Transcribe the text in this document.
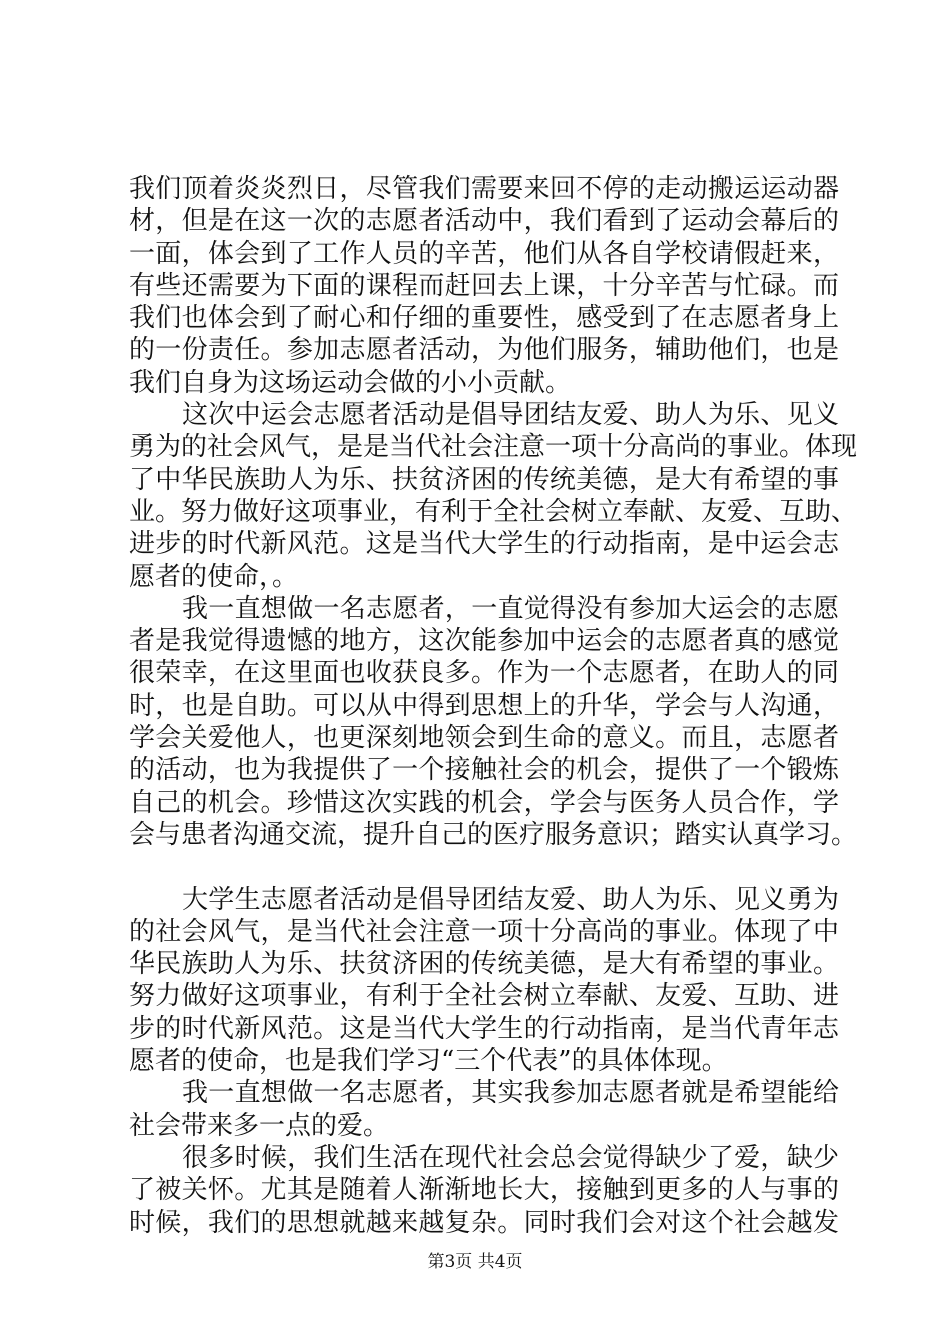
我们顶着炎炎烈日，尽管我们需要来回不停的走动搬运运动器
材，但是在这一次的志愿者活动中，我们看到了运动会幕后的
一面，体会到了工作人员的辛苦，他们从各自学校请假赶来，
有些还需要为下面的课程而赶回去上课，十分辛苦与忙碌。而
我们也体会到了耐心和仔细的重要性，感受到了在志愿者身上
的一份责任。参加志愿者活动，为他们服务，辅助他们，也是
我们自身为这场运动会做的小小贡献。
这次中运会志愿者活动是倡导团结友爱、助人为乐、见义
勇为的社会风气，是是当代社会注意一项十分高尚的事业。体现
了中华民族助人为乐、扶贫济困的传统美德，是大有希望的事
业。努力做好这项事业，有利于全社会树立奉献、友爱、互助、
进步的时代新风范。这是当代大学生的行动指南，是中运会志
愿者的使命，。
我一直想做一名志愿者，一直觉得没有参加大运会的志愿
者是我觉得遗憾的地方，这次能参加中运会的志愿者真的感觉
很荣幸，在这里面也收获良多。作为一个志愿者，在助人的同
时，也是自助。可以从中得到思想上的升华，学会与人沟通，
学会关爱他人，也更深刻地领会到生命的意义。而且，志愿者
的活动，也为我提供了一个接触社会的机会，提供了一个锻炼
自己的机会。珍惜这次实践的机会，学会与医务人员合作，学
会与患者沟通交流，提升自己的医疗服务意识；踏实认真学习。
大学生志愿者活动是倡导团结友爱、助人为乐、见义勇为
的社会风气，是当代社会注意一项十分高尚的事业。体现了中
华民族助人为乐、扶贫济困的传统美德，是大有希望的事业。
努力做好这项事业，有利于全社会树立奉献、友爱、互助、进
步的时代新风范。这是当代大学生的行动指南，是当代青年志
愿者的使命，也是我们学习“三个代表”的具体体现。
我一直想做一名志愿者，其实我参加志愿者就是希望能给
社会带来多一点的爱。
很多时候，我们生活在现代社会总会觉得缺少了爱，缺少
了被关怀。尤其是随着人渐渐地长大，接触到更多的人与事的
时候，我们的思想就越来越复杂。同时我们会对这个社会越发
第3页 共4页
